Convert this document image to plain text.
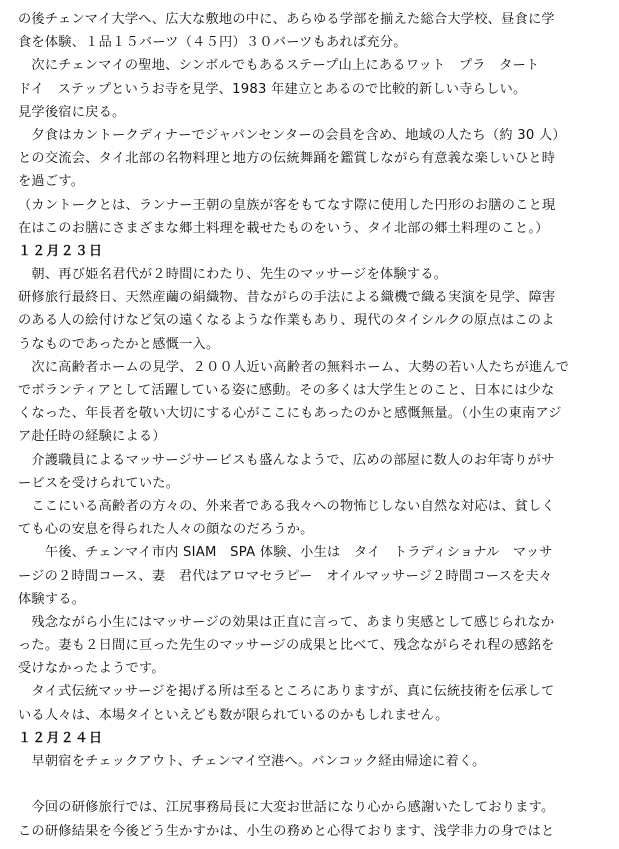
の後チェンマイ大学へ、広大な敷地の中に、あらゆる学部を揃えた総合大学校、昼食に学
食を体験、１品１５バーツ（４５円）３０バーツもあれば充分。
　次にチェンマイの聖地、シンボルでもあるステープ山上にあるワット　プラ　タート
ドイ　ステップというお寺を見学、1983 年建立とあるので比較的新しい寺らしい。
見学後宿に戻る。
　夕食はカントークディナーでジャパンセンターの会員を含め、地域の人たち（約 30 人）
との交流会、タイ北部の名物料理と地方の伝統舞踊を鑑賞しながら有意義な楽しいひと時
を過ごす。
（カントークとは、ランナー王朝の皇族が客をもてなす際に使用した円形のお膳のこと現
在はこのお膳にさまざまな郷土料理を載せたものをいう、タイ北部の郷土料理のこと。）
１２月２３日
　朝、再び姫名君代が２時間にわたり、先生のマッサージを体験する。
研修旅行最終日、天然産繭の絹織物、昔ながらの手法による織機で織る実演を見学、障害
のある人の絵付けなど気の遠くなるような作業もあり、現代のタイシルクの原点はこのよ
うなものであったかと感慨一入。
　次に高齢者ホームの見学、２００人近い高齢者の無料ホーム、大勢の若い人たちが進んで
でボランティアとして活躍している姿に感動。その多くは大学生とのこと、日本には少な
くなった、年長者を敬い大切にする心がここにもあったのかと感慨無量。（小生の東南アジ
ア赴任時の経験による）
　介護職員によるマッサージサービスも盛んなようで、広めの部屋に数人のお年寄りがサ
ービスを受けられていた。
　ここにいる高齢者の方々の、外来者である我々への物怖じしない自然な対応は、貧しく
ても心の安息を得られた人々の顔なのだろうか。
　　午後、チェンマイ市内 SIAM　SPA 体験、小生は　タイ　トラディショナル　マッサ
ージの２時間コース、妻　君代はアロマセラピー　オイルマッサージ２時間コースを夫々
体験する。
　残念ながら小生にはマッサージの効果は正直に言って、あまり実感として感じられなか
った。妻も２日間に亘った先生のマッサージの成果と比べて、残念ながらそれ程の感銘を
受けなかったようです。
　タイ式伝統マッサージを掲げる所は至るところにありますが、真に伝統技術を伝承して
いる人々は、本場タイといえども数が限られているのかもしれません。
１２月２４日
　早朝宿をチェックアウト、チェンマイ空港へ。バンコック経由帰途に着く。
　今回の研修旅行では、江尻事務局長に大変お世話になり心から感謝いたしております。
この研修結果を今後どう生かすかは、小生の務めと心得ております、浅学非力の身ではと
